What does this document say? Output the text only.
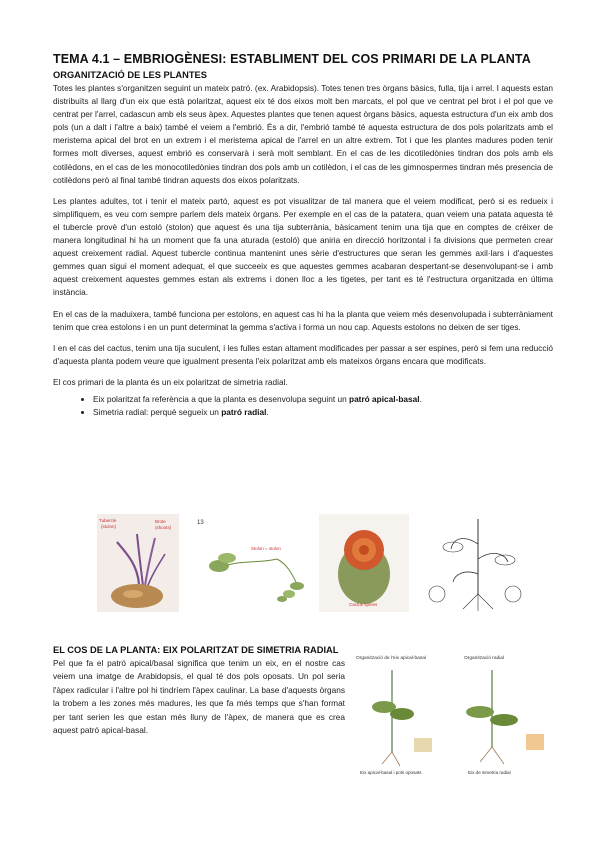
TEMA 4.1 – EMBRIOGÈNESI: ESTABLIMENT DEL COS PRIMARI DE LA PLANTA
ORGANITZACIÓ DE LES PLANTES

Totes les plantes s'organitzen seguint un mateix patró. (ex. Arabidopsis). Totes tenen tres òrgans bàsics, fulla, tija i arrel. I aquests estan distribuïts al llarg d'un eix que està polaritzat, aquest eix té dos eixos molt ben marcats, el pol que ve centrat pel brot i el pol que ve centrat per l'arrel, cadascun amb els seus àpex. Aquestes plantes que tenen aquest òrgans bàsics, aquesta estructura d'un eix amb dos pols (un a dalt i l'altre a baix) també el veiem a l'embrió. És a dir, l'embrió també té aquesta estructura de dos pols polaritzats amb el meristema apical del brot en un extrem i el meristema apical de l'arrel en un altre extrem. Tot i que les plantes madures poden tenir formes molt diverses, aquest embrió es conservarà i serà molt semblant. En el cas de les dicotiledònies tindran dos pols amb els cotilèdons, en el cas de les monocotiledònies tindran dos pols amb un cotilèdon, i el cas de les gimnospermes tindran més presencia de cotilèdons però al final també tindran aquests dos eixos polaritzats.

Les plantes adultes, tot i tenir el mateix partó, aquest es pot visualitzar de tal manera que el veiem modificat, però si es redueix i simplifiquem, es veu com sempre parlem dels mateix òrgans. Per exemple en el cas de la patatera, quan veiem una patata aquesta té el tubercle provè d'un estoló (stolon) que aquest és una tija subterrània, bàsicament tenim una tija que en comptes de créixer de manera longitudinal hi ha un moment que fa una aturada (estoló) que aniria en direcció horitzontal i fa divisions que permeten crear aquest creixement radial. Aquest tubercle continua mantenint unes sèrie d'estructures que seran les gemmes axil·lars i d'aquestes gemmes quan sigui el moment adequat, el que succeeix es que aquestes gemmes acabaran despertant-se desenvolupant-se i amb aquest creixement aquestes gemmes estan als extrems i donen lloc a les tigetes, per tant es té l'estructura organitzada en última instància.

En el cas de la maduixera, també funciona per estolons, en aquest cas hi ha la planta que veiem més desenvolupada i subterràniament tenim que crea estolons i en un punt determinat la gemma s'activa i forma un nou cap. Aquests estolons no deixen de ser tiges.

I en el cas del cactus, tenim una tija suculent, i les fulles estan altament modificades per passar a ser espines, però si fem una reducció d'aquesta planta podem veure que igualment presenta l'eix polaritzat amb els mateixos òrgans encara que modificats.

El cos primari de la planta és un eix polaritzat de simetria radial.

• Eix polaritzat fa referència a que la planta es desenvolupa seguint un patró apical-basal.
• Simetria radial: perquè segueix un patró radial.
Tubercle
(stolon)
Brote
(shoots)
13
Stolon = stolon
Cactus spines
EL COS DE LA PLANTA: EIX POLARITZAT DE SIMETRIA RADIAL

Pel que fa el patró apical/basal significa que tenim un eix, en el nostre cas veiem una imatge de Arabidopsis, el qual té dos pols oposats. Un pol seria l'àpex radicular i l'altre pol hi tindríem l'àpex caulinar. La base d'aquests òrgans la trobem a les zones més madures, les que fa més temps que s'han format per tant serien les que estan més lluny de l'àpex, de manera que es crea aquest patró apical-basal.

Organització de l'eix apical-basal	Organització radial
Eix apical-basal i pols oposats	Eix de simetria radial
